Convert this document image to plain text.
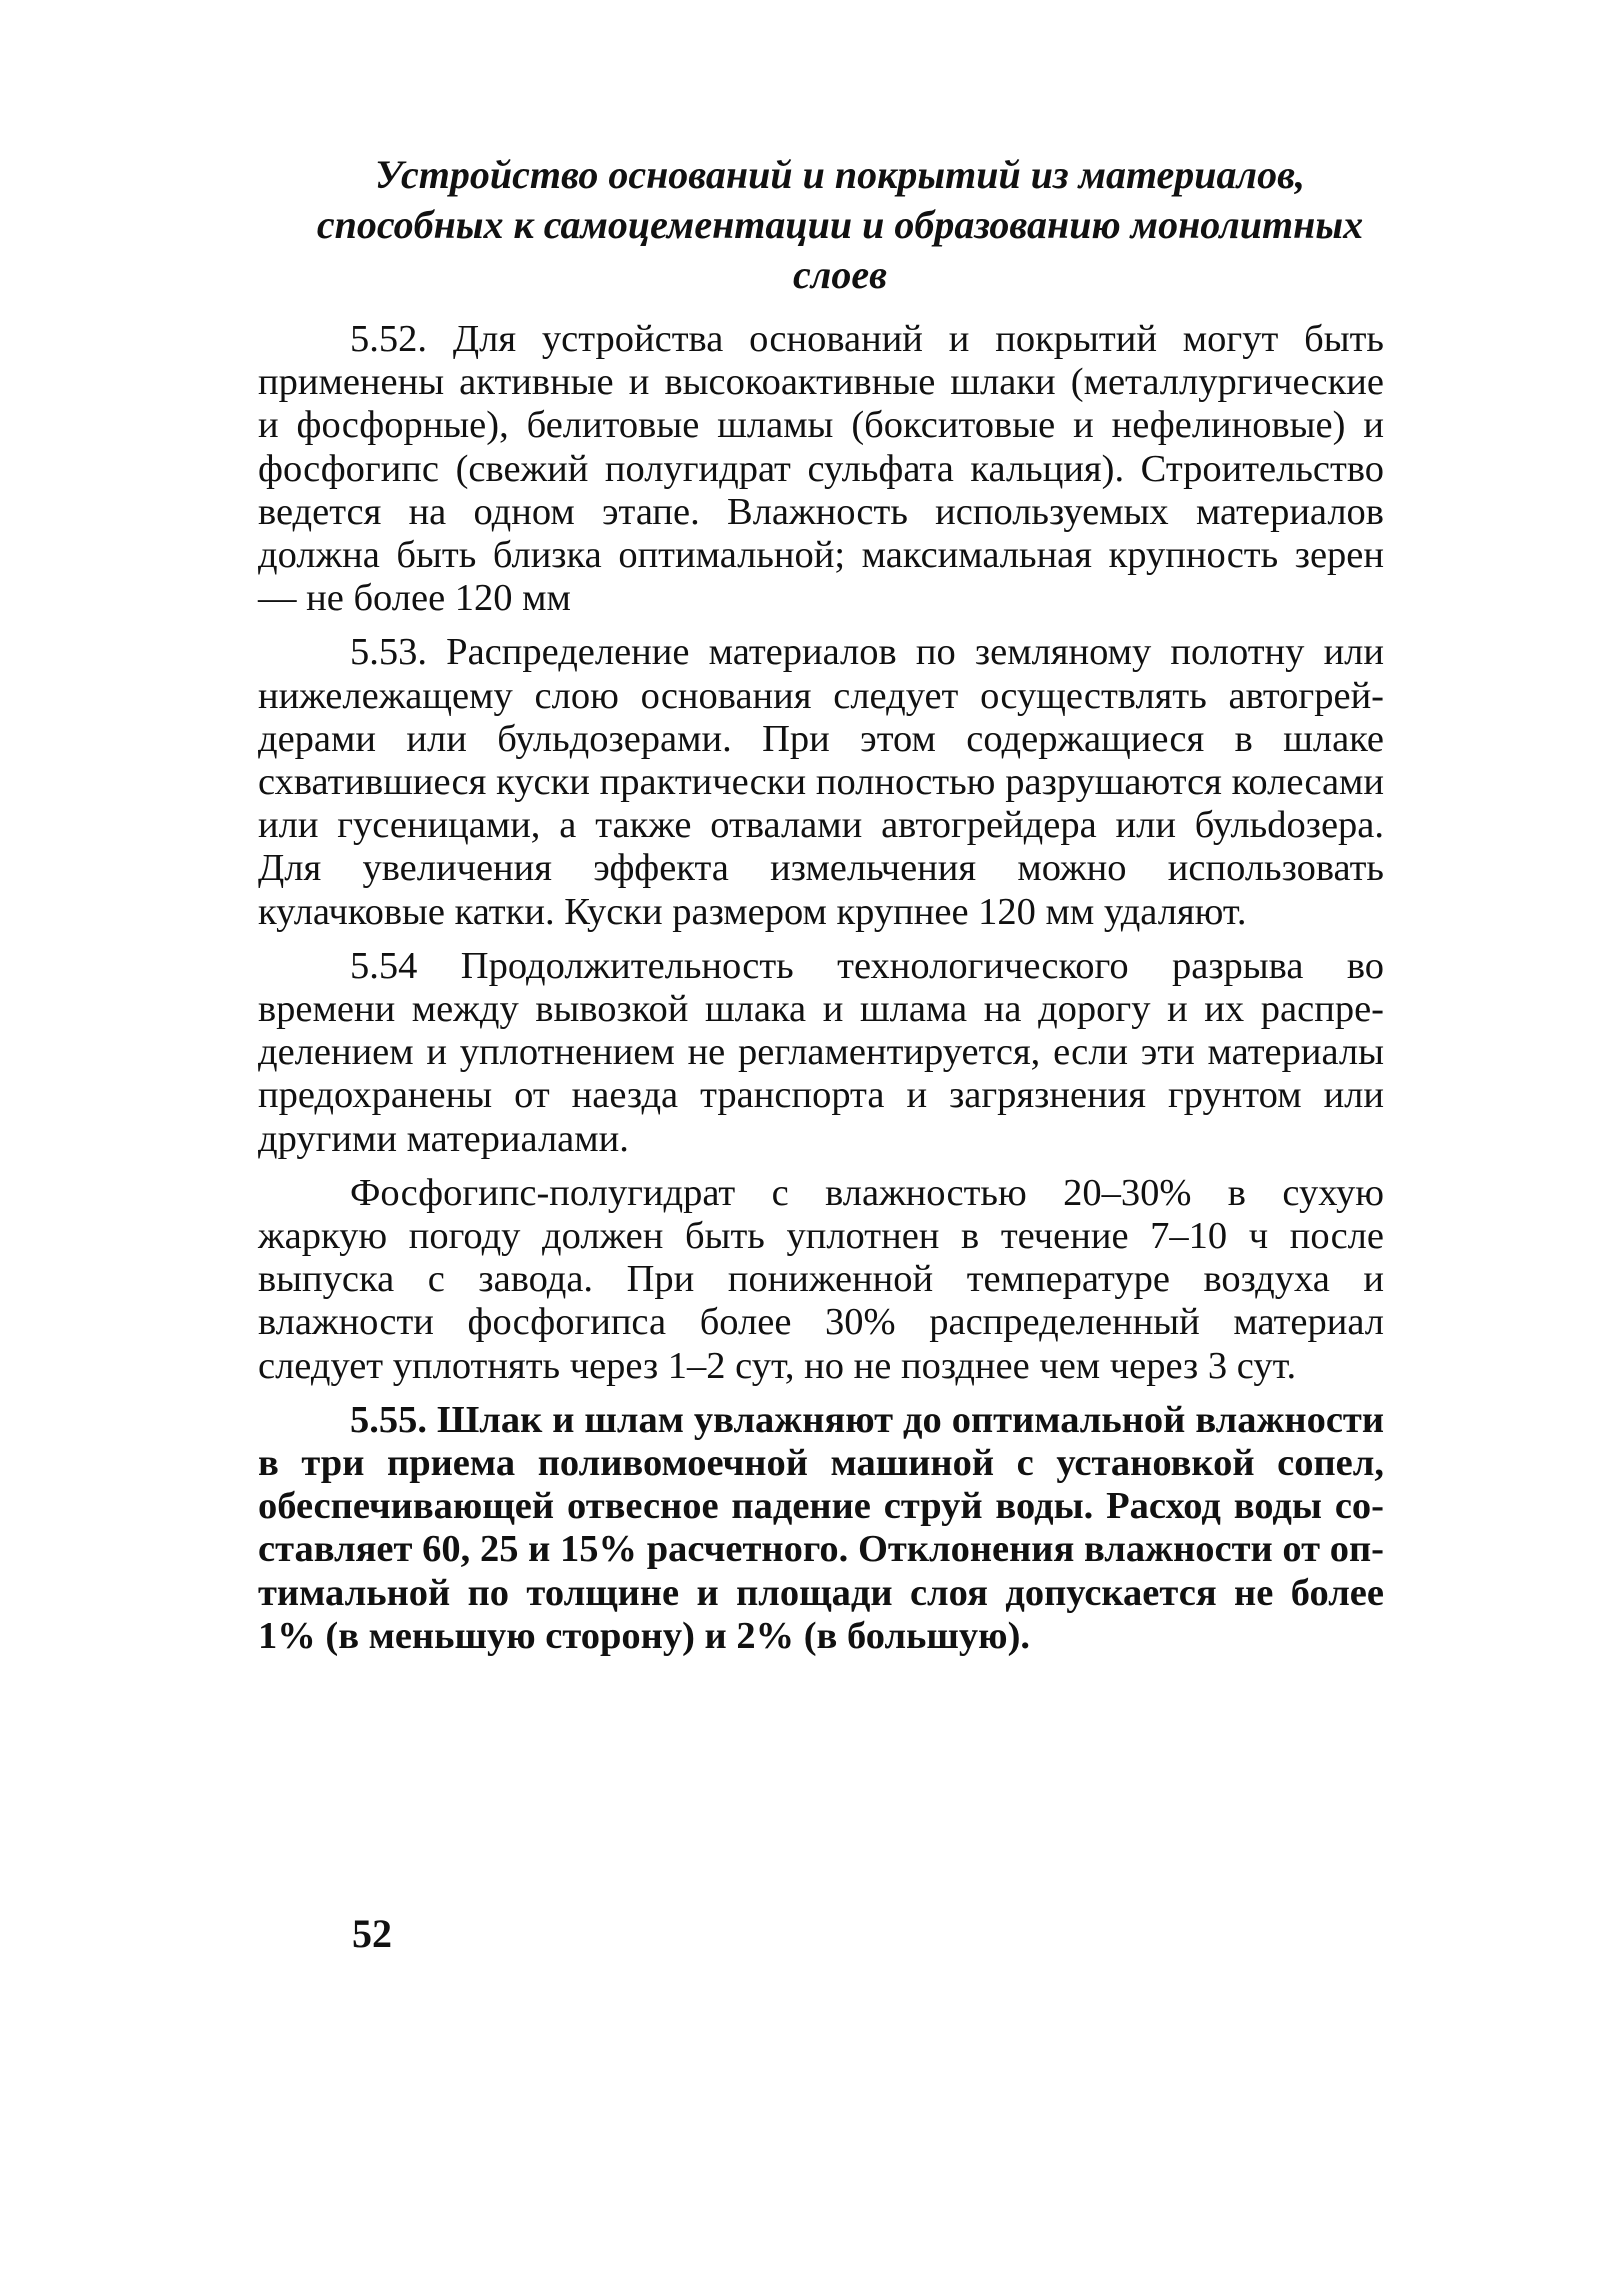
Устройство оснований и покрытий из материалов,
способных к самоцементации и образованию монолитных
слоев

5.52. Для устройства оснований и покрытий могут быть применены активные и высокоактивные шлаки (металлургические и фосфорные), белитовые шламы (бокситовые и нефелиновые) и фосфогипс (свежий полугидрат сульфата кальция). Строительство ведется на одном этапе. Влажность используемых материалов должна быть близка оптимальной; максимальная крупность зерен — не более 120 мм

5.53. Распределение материалов по земляному полотну или нижележащему слою основания следует осуществлять автогрейдерами или бульдозерами. При этом содержащиеся в шлаке схватившиеся куски практически полностью разрушаются колесами или гусеницами, а также отвалами автогрейдера или бульdозера. Для увеличения эффекта измельчения можно использовать кулачковые катки. Куски размером крупнее 120 мм удаляют.

5.54 Продолжительность технологического разрыва во времени между вывозкой шлака и шлама на дорогу и их распределением и уплотнением не регламентируется, если эти материалы предохранены от наезда транспорта и загрязнения грунтом или другими материалами.

Фосфогипс-полугидрат с влажностью 20–30% в сухую жаркую погоду должен быть уплотнен в течение 7–10 ч после выпуска с завода. При пониженной температуре воздуха и влажности фосфогипса более 30% распределенный материал следует уплотнять через 1–2 сут, но не позднее чем через 3 сут.

5.55. Шлак и шлам увлажняют до оптимальной влажности в три приема поливомоечной машиной с установкой сопел, обеспечивающей отвесное падение струй воды. Расход воды составляет 60, 25 и 15% расчетного. Отклонения влажности от оптимальной по толщине и площади слоя допускается не более 1% (в меньшую сторону) и 2% (в большую).

52
